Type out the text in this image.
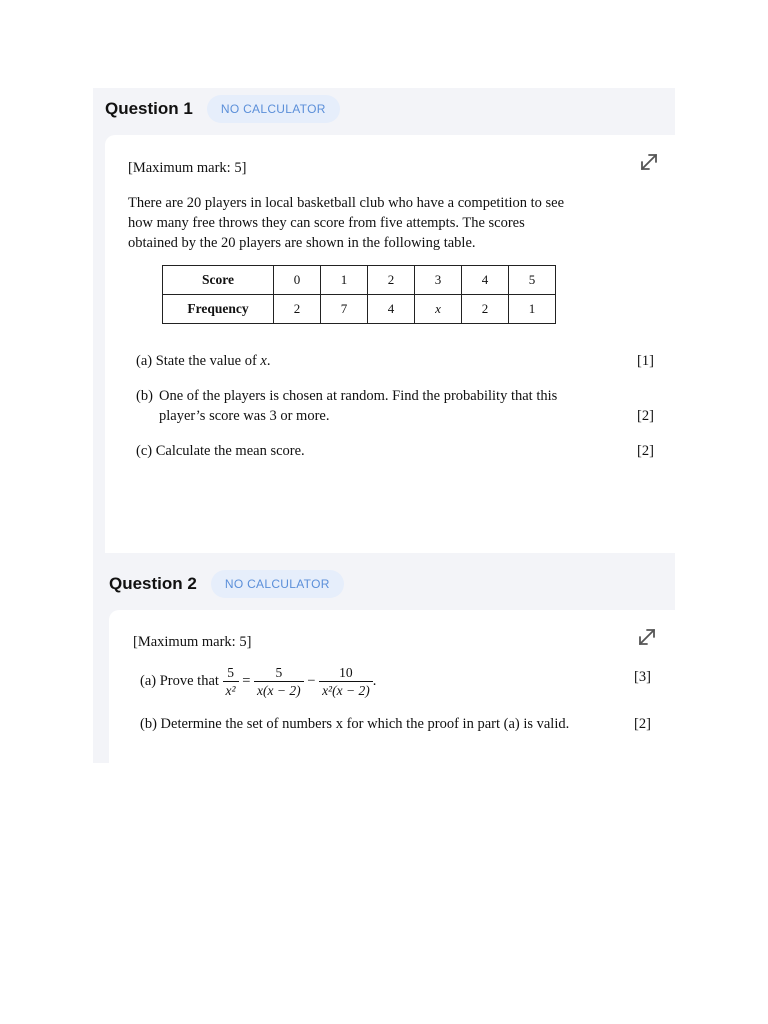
Question 1	NO CALCULATOR
[Maximum mark: 5]
There are 20 players in local basketball club who have a competition to see
how many free throws they can score from five attempts. The scores
obtained by the 20 players are shown in the following table.
Score	0	1	2	3	4	5
Frequency	2	7	4	x	2	1
(a) State the value of x.	[1]
(b) One of the players is chosen at random. Find the probability that this
player’s score was 3 or more.	[2]
(c) Calculate the mean score.	[2]
Question 2	NO CALCULATOR
[Maximum mark: 5]
(a) Prove that $\frac{5}{\text{x²}} = \frac{5}{x(x - 2)} - \frac{10}{\text{x²(x − 2)}}$ .	[3]
(b) Determine the set of numbers x for which the proof in part (a) is valid.	[2]
